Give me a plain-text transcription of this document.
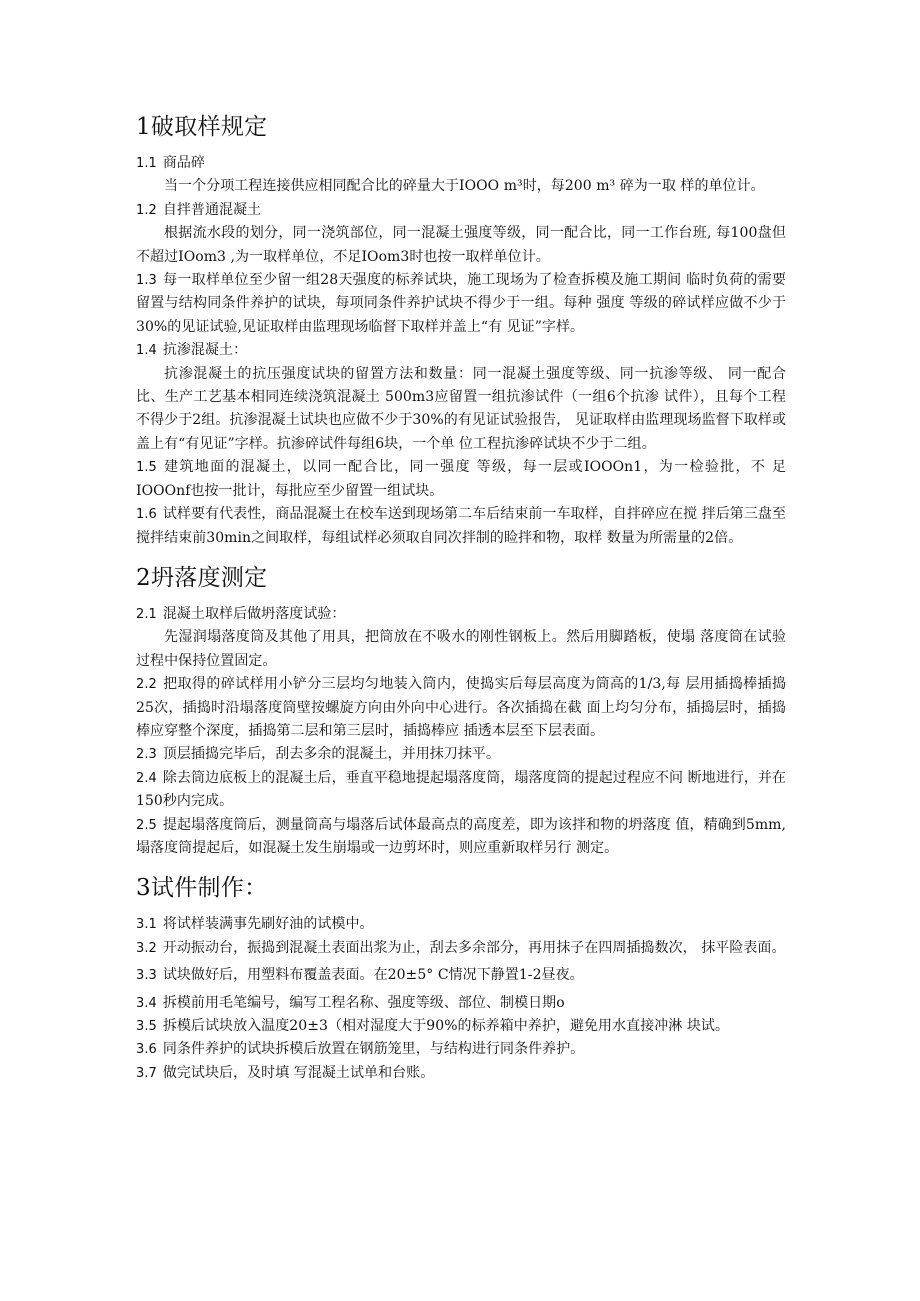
1破取样规定
1.1 商品碎
当一个分项工程连接供应相同配合比的碎量大于IOOO m³时，每200 m³ 碎为一取 样的单位计。
1.2 自拌普通混凝土
根据流水段的划分，同一浇筑部位，同一混凝土强度等级，同一配合比，同一工作台班, 每100盘但不超过IOom3 ,为一取样单位，不足IOom3时也按一取样单位计。
1.3 每一取样单位至少留一组28天强度的标养试块，施工现场为了检查拆模及施工期间 临时负荷的需要留置与结构同条件养护的试块，每项同条件养护试块不得少于一组。每种 强度 等级的碎试样应做不少于30%的见证试验,见证取样由监理现场临督下取样并盖上“有 见证”字样。
1.4 抗渗混凝土：
抗渗混凝土的抗压强度试块的留置方法和数量：同一混凝土强度等级、同一抗渗等级、 同一配合比、生产工艺基本相同连续浇筑混凝土 500m3应留置一组抗渗试件（一组6个抗渗 试件），且每个工程不得少于2组。抗渗混凝土试块也应做不少于30%的有见证试验报告， 见证取样由监理现场监督下取样或盖上有“有见证”字样。抗渗碎试件每组6块，一个单 位工程抗渗碎试块不少于二组。
1.5 建筑地面的混凝土，以同一配合比，同一强度 等级，每一层或IOOOn1，为一检验批，不 足IOOOnf也按一批计，每批应至少留置一组试块。
1.6 试样要有代表性，商品混凝土在校车送到现场第二车后结束前一车取样，自拌碎应在搅 拌后第三盘至搅拌结束前30min之间取样，每组试样必须取自同次拌制的睑拌和物，取样 数量为所需量的2倍。
2坍落度测定
2.1 混凝土取样后做坍落度试验：
先湿润塌落度筒及其他了用具，把筒放在不吸水的刚性钢板上。然后用脚踏板，使塌 落度筒在试验过程中保持位置固定。
2.2 把取得的碎试样用小铲分三层均匀地装入筒内，使捣实后每层高度为筒高的1/3,每 层用插捣棒插捣25次，插捣时沿塌落度筒壁按螺旋方向由外向中心进行。各次插捣在截 面上均匀分布，插捣层时，插捣棒应穿整个深度，插捣第二层和第三层时，插捣棒应 插透本层至下层表面。
2.3 顶层插捣完毕后，刮去多余的混凝土，并用抹刀抹平。
2.4 除去筒边底板上的混凝土后，垂直平稳地提起塌落度筒，塌落度筒的提起过程应不问 断地进行，并在150秒内完成。
2.5 提起塌落度筒后，测量筒高与塌落后试体最高点的高度差，即为该拌和物的坍落度 值，精确到5mm,塌落度筒提起后，如混凝土发生崩塌或一边剪坏时，则应重新取样另行 测定。
3试件制作：
3.1 将试样装满事先刷好油的试模中。
3.2 开动振动台，振捣到混凝土表面出浆为止，刮去多余部分，再用抹子在四周插捣数次， 抹平险表面。
3.3 试块做好后，用塑料布覆盖表面。在20±5° C情况下静置1-2昼夜。
3.4 拆模前用毛笔编号，编写工程名称、强度等级、部位、制模日期o
3.5 拆模后试块放入温度20±3（相对湿度大于90%的标养箱中养护，避免用水直接冲淋 块试。
3.6 同条件养护的试块拆模后放置在钢筋笼里，与结构进行同条件养护。
3.7 做完试块后，及时填 写混凝土试单和台账。
